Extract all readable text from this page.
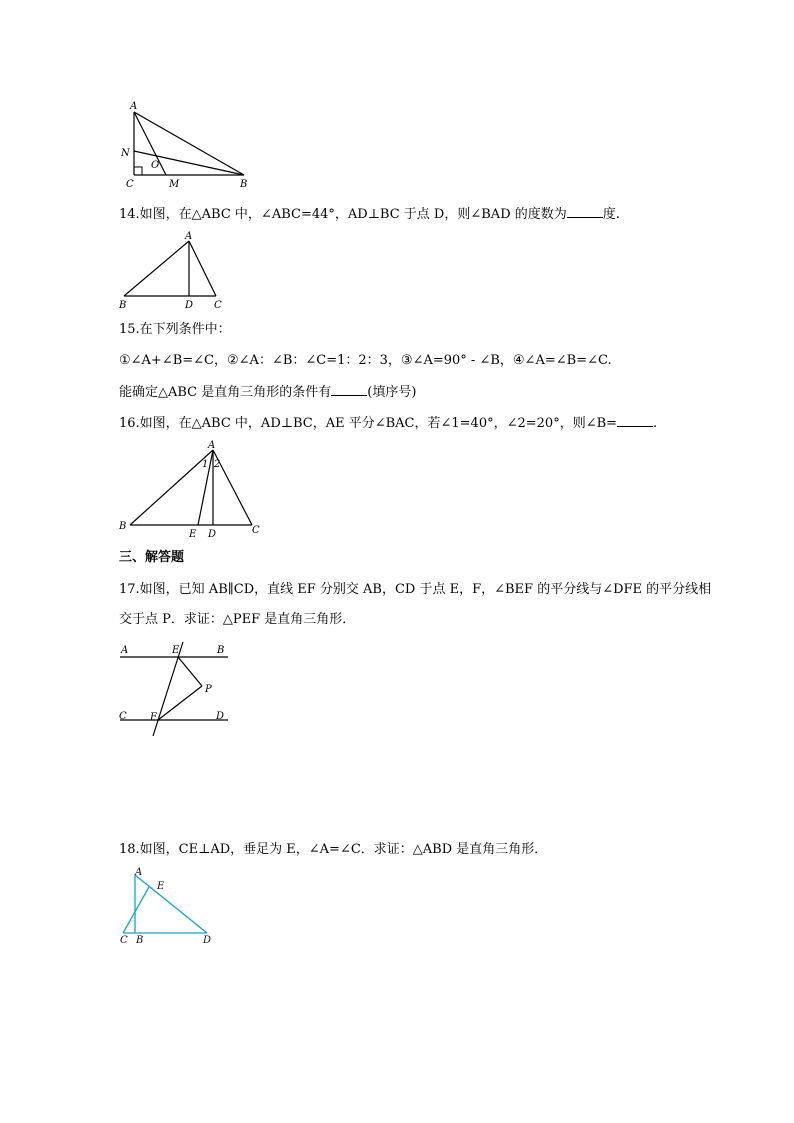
A
N
O
C	M	B
14.如图，在△ABC 中，∠ABC=44°，AD⊥BC 于点 D，则∠BAD 的度数为	度.
A
B	D C
15.在下列条件中：
①∠A+∠B=∠C，②∠A：∠B：∠C=1：2：3，③∠A=90° - ∠B，④∠A=∠B=∠C.
能确定△ABC 是直角三角形的条件有	(填序号)
16.如图，在△ABC 中，AD⊥BC，AE 平分∠BAC，若∠1=40°，∠2=20°，则∠B=	.
A
1 2
B
E D	C
三、解答题
17.如图，已知 AB∥CD，直线 EF 分别交 AB，CD 于点 E，F，∠BEF 的平分线与∠DFE 的平分线相
交于点 P．求证：△PEF 是直角三角形．
A	E	B
P
C F	D
18.如图，CE⊥AD，垂足为 E，∠A=∠C．求证：△ABD 是直角三角形．
A
E
C B	D
